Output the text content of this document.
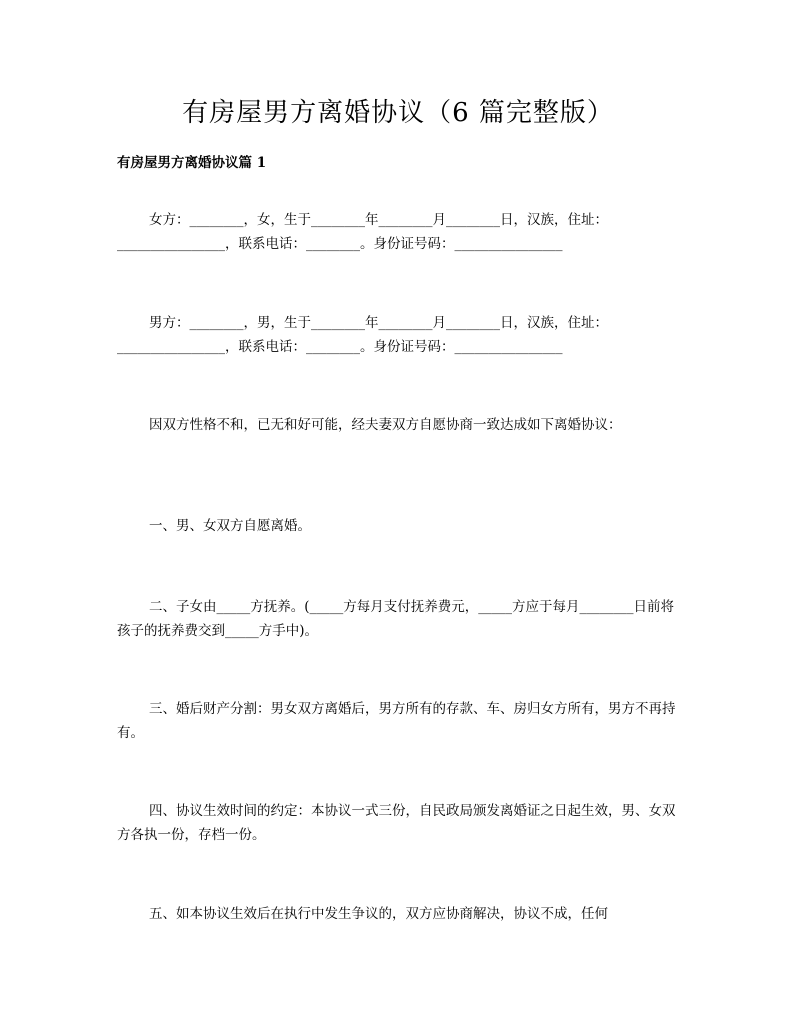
有房屋男方离婚协议（6 篇完整版）
有房屋男方离婚协议篇 1
女方：________，女，生于________年________月________日，汉族，住址：________________，联系电话：________。身份证号码：________________
男方：________，男，生于________年________月________日，汉族，住址：________________，联系电话：________。身份证号码：________________
因双方性格不和，已无和好可能，经夫妻双方自愿协商一致达成如下离婚协议：
一、男、女双方自愿离婚。
二、子女由_____方抚养。(_____方每月支付抚养费元，_____方应于每月________日前将孩子的抚养费交到_____方手中)。
三、婚后财产分割：男女双方离婚后，男方所有的存款、车、房归女方所有，男方不再持有。
四、协议生效时间的约定：本协议一式三份，自民政局颁发离婚证之日起生效，男、女双方各执一份，存档一份。
五、如本协议生效后在执行中发生争议的，双方应协商解决，协议不成，任何
